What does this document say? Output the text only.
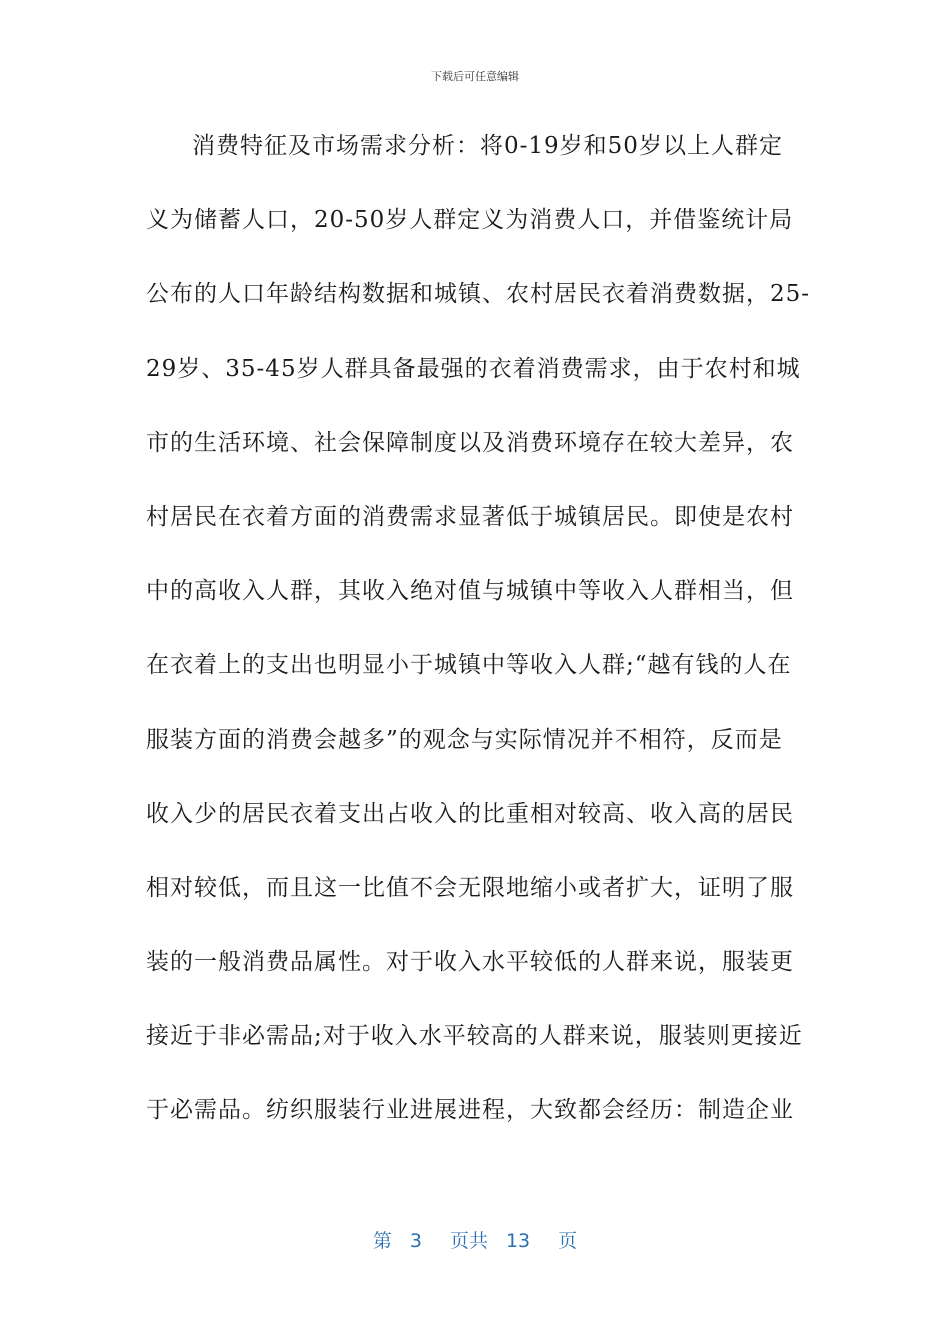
下载后可任意编辑
消费特征及市场需求分析：将0-19岁和50岁以上人群定
义为储蓄人口，20-50岁人群定义为消费人口，并借鉴统计局
公布的人口年龄结构数据和城镇、农村居民衣着消费数据，25-
29岁、35-45岁人群具备最强的衣着消费需求，由于农村和城
市的生活环境、社会保障制度以及消费环境存在较大差异，农
村居民在衣着方面的消费需求显著低于城镇居民。即使是农村
中的高收入人群，其收入绝对值与城镇中等收入人群相当，但
在衣着上的支出也明显小于城镇中等收入人群;“越有钱的人在
服装方面的消费会越多”的观念与实际情况并不相符，反而是
收入少的居民衣着支出占收入的比重相对较高、收入高的居民
相对较低，而且这一比值不会无限地缩小或者扩大，证明了服
装的一般消费品属性。对于收入水平较低的人群来说，服装更
接近于非必需品;对于收入水平较高的人群来说，服装则更接近
于必需品。纺织服装行业进展进程，大致都会经历：制造企业
第 3 页共 13 页
